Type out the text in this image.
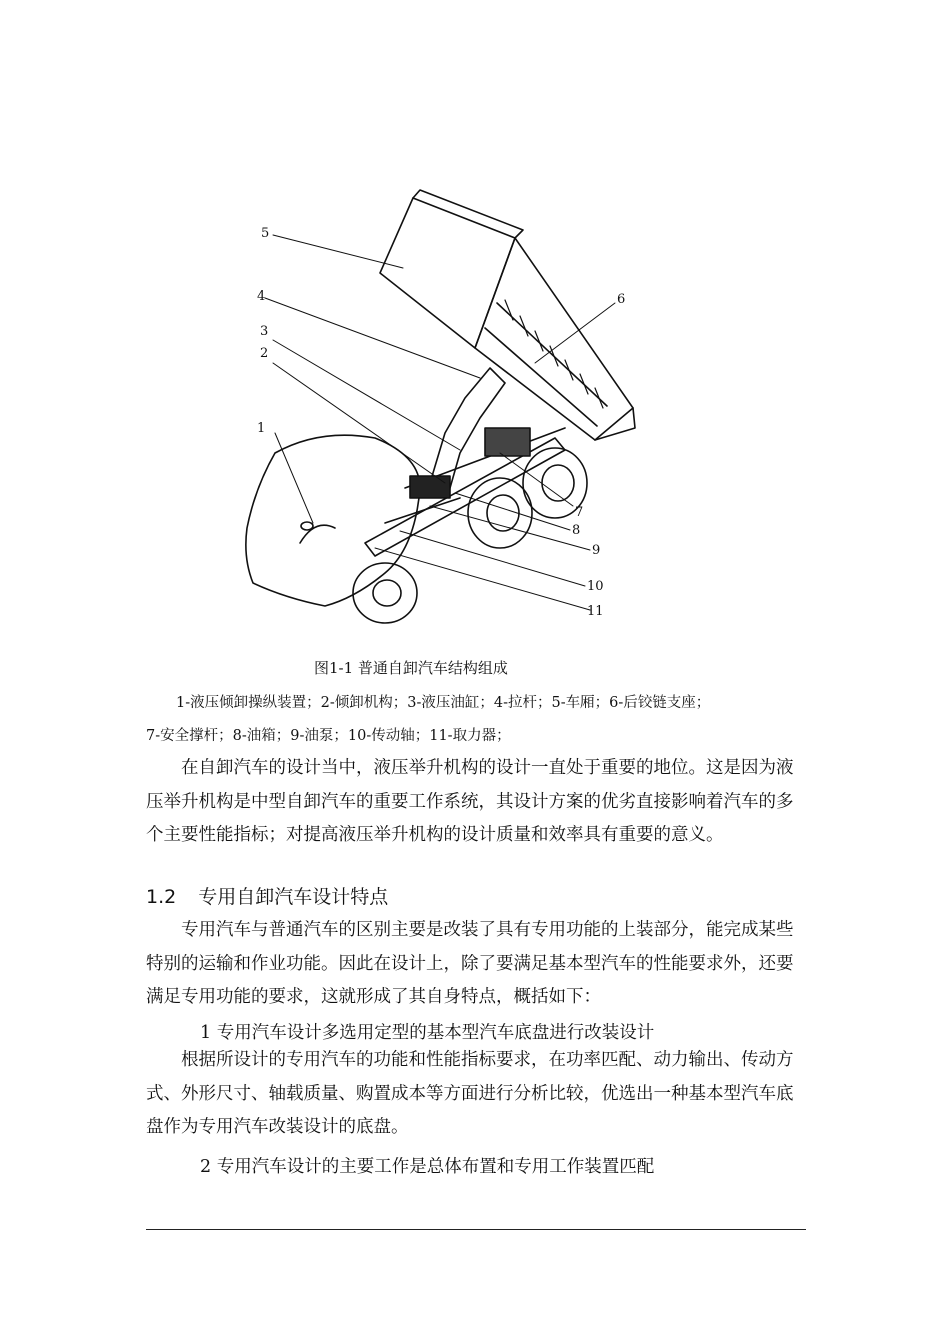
1
2
3
4
5
6
7
8
9
10
11
图1-1 普通自卸汽车结构组成
1-液压倾卸操纵装置；2-倾卸机构；3-液压油缸；4-拉杆；5-车厢；6-后铰链支座；
7-安全撑杆；8-油箱；9-油泵；10-传动轴；11-取力器；
在自卸汽车的设计当中，液压举升机构的设计一直处于重要的地位。这是因为液压举升机构是中型自卸汽车的重要工作系统，其设计方案的优劣直接影响着汽车的多个主要性能指标；对提高液压举升机构的设计质量和效率具有重要的意义。
1.2 专用自卸汽车设计特点
专用汽车与普通汽车的区别主要是改装了具有专用功能的上装部分，能完成某些特别的运输和作业功能。因此在设计上，除了要满足基本型汽车的性能要求外，还要满足专用功能的要求，这就形成了其自身特点，概括如下：
1 专用汽车设计多选用定型的基本型汽车底盘进行改装设计
根据所设计的专用汽车的功能和性能指标要求，在功率匹配、动力输出、传动方式、外形尺寸、轴载质量、购置成本等方面进行分析比较，优选出一种基本型汽车底盘作为专用汽车改装设计的底盘。
2 专用汽车设计的主要工作是总体布置和专用工作装置匹配
